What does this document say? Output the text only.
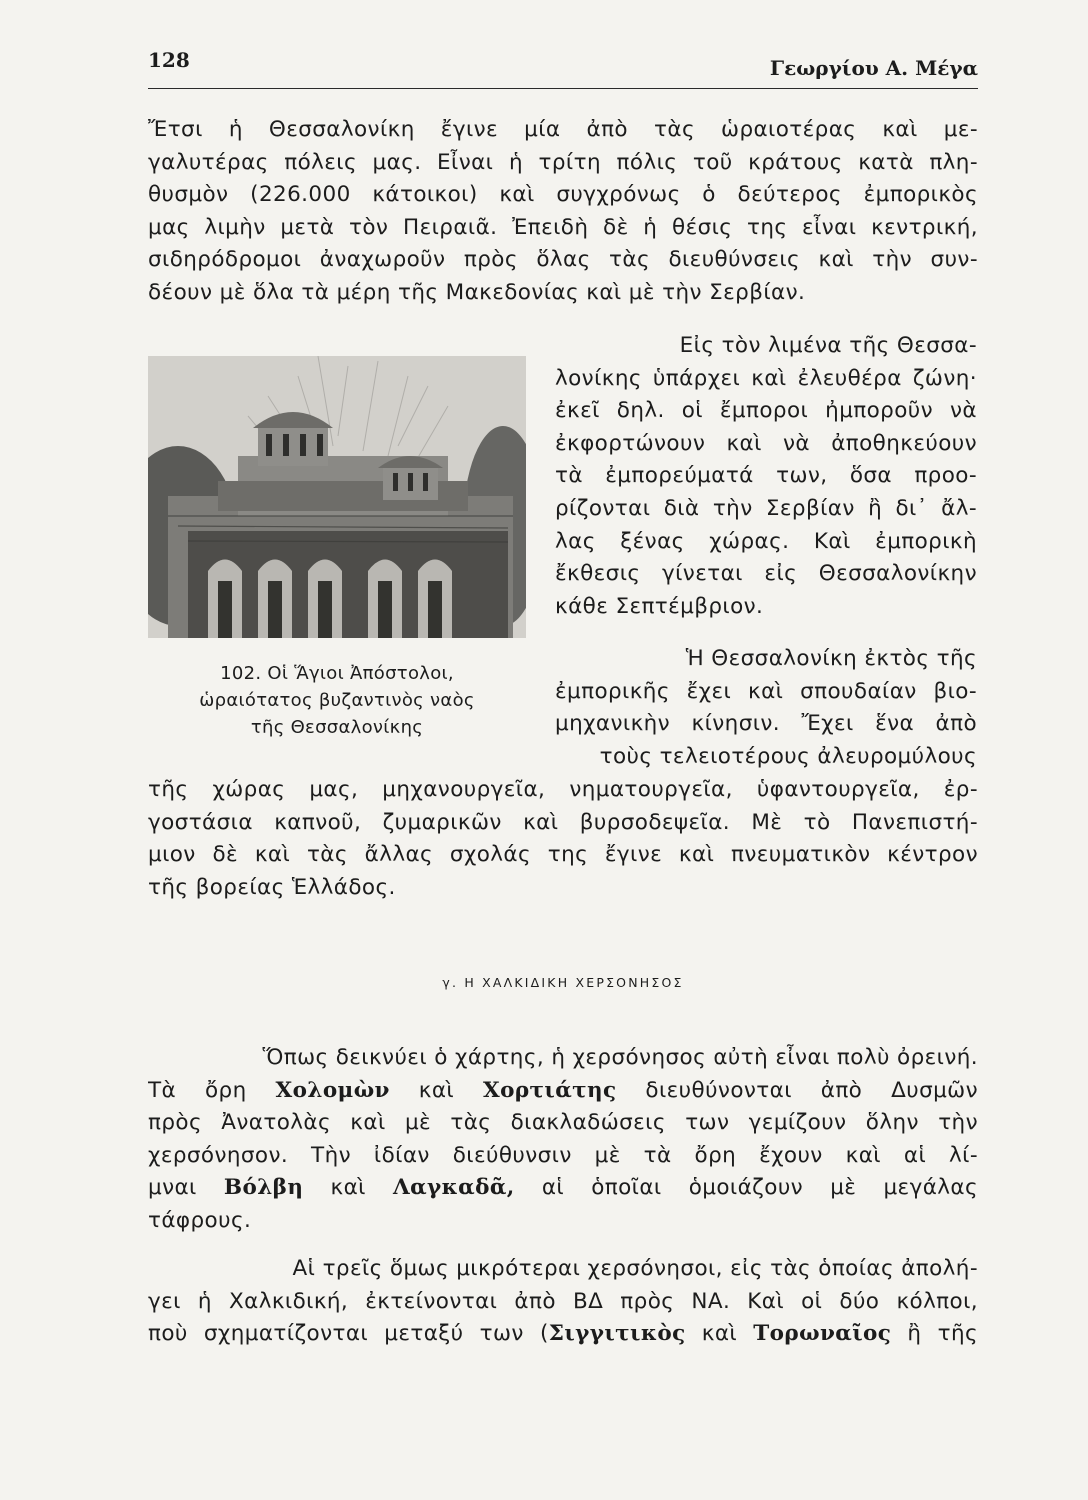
128	Γεωργίου Α. Μέγα

Ἔτσι ἡ Θεσσαλονίκη ἔγινε μία ἀπὸ τὰς ὡραιοτέρας καὶ με-
γαλυτέρας πόλεις μας. Εἶναι ἡ τρίτη πόλις τοῦ κράτους κατὰ πλη-
θυσμὸν (226.000 κάτοικοι) καὶ συγχρόνως ὁ δεύτερος ἐμπορικὸς
μας λιμὴν μετὰ τὸν Πειραιᾶ. Ἐπειδὴ δὲ ἡ θέσις της εἶναι κεντρική,
σιδηρόδρομοι ἀναχωροῦν πρὸς ὅλας τὰς διευθύνσεις καὶ τὴν συν-
δέουν μὲ ὅλα τὰ μέρη τῆς Μακεδονίας καὶ μὲ τὴν Σερβίαν.

Εἰς τὸν λιμένα τῆς Θεσσα-
λονίκης ὑπάρχει καὶ ἐλευθέρα ζώνη·
ἐκεῖ δηλ. οἱ ἔμποροι ἠμποροῦν νὰ
ἐκφορτώνουν καὶ νὰ ἀποθηκεύουν
τὰ ἐμπορεύματά των, ὅσα προο-
ρίζονται διὰ τὴν Σερβίαν ἢ δι᾽ ἄλ-
λας ξένας χώρας. Καὶ ἐμπορικὴ
ἔκθεσις γίνεται εἰς Θεσσαλονίκην
κάθε Σεπτέμβριον.

102. Οἱ Ἅγιοι Ἀπόστολοι,
ὡραιότατος βυζαντινὸς ναὸς
τῆς Θεσσαλονίκης

Ἡ Θεσσαλονίκη ἐκτὸς τῆς
ἐμπορικῆς ἔχει καὶ σπουδαίαν βιο-
μηχανικὴν κίνησιν. Ἔχει ἕνα ἀπὸ
τοὺς τελειοτέρους ἀλευρομύλους

τῆς χώρας μας, μηχανουργεῖα, νηματουργεῖα, ὑφαντουργεῖα, ἐρ-
γοστάσια καπνοῦ, ζυμαρικῶν καὶ βυρσοδεψεῖα. Μὲ τὸ Πανεπιστή-
μιον δὲ καὶ τὰς ἄλλας σχολάς της ἔγινε καὶ πνευματικὸν κέντρον
τῆς βορείας Ἑλλάδος.

γ. Η ΧΑΛΚΙΔΙΚΗ ΧΕΡΣΟΝΗΣΟΣ

Ὅπως δεικνύει ὁ χάρτης, ἡ χερσόνησος αὐτὴ εἶναι πολὺ ὀρεινή.
Τὰ ὄρη Χολομὼν καὶ Χορτιάτης διευθύνονται ἀπὸ Δυσμῶν
πρὸς Ἀνατολὰς καὶ μὲ τὰς διακλαδώσεις των γεμίζουν ὅλην τὴν
χερσόνησον. Τὴν ἰδίαν διεύθυνσιν μὲ τὰ ὄρη ἔχουν καὶ αἱ λί-
μναι Βόλβη καὶ Λαγκαδᾶ, αἱ ὁποῖαι ὁμοιάζουν μὲ μεγάλας
τάφρους.

Αἱ τρεῖς ὅμως μικρότεραι χερσόνησοι, εἰς τὰς ὁποίας ἀπολή-
γει ἡ Χαλκιδική, ἐκτείνονται ἀπὸ ΒΔ πρὸς ΝΑ. Καὶ οἱ δύο κόλποι,
ποὺ σχηματίζονται μεταξύ των (Σιγγιτικὸς καὶ Τορωναῖος ἢ τῆς
